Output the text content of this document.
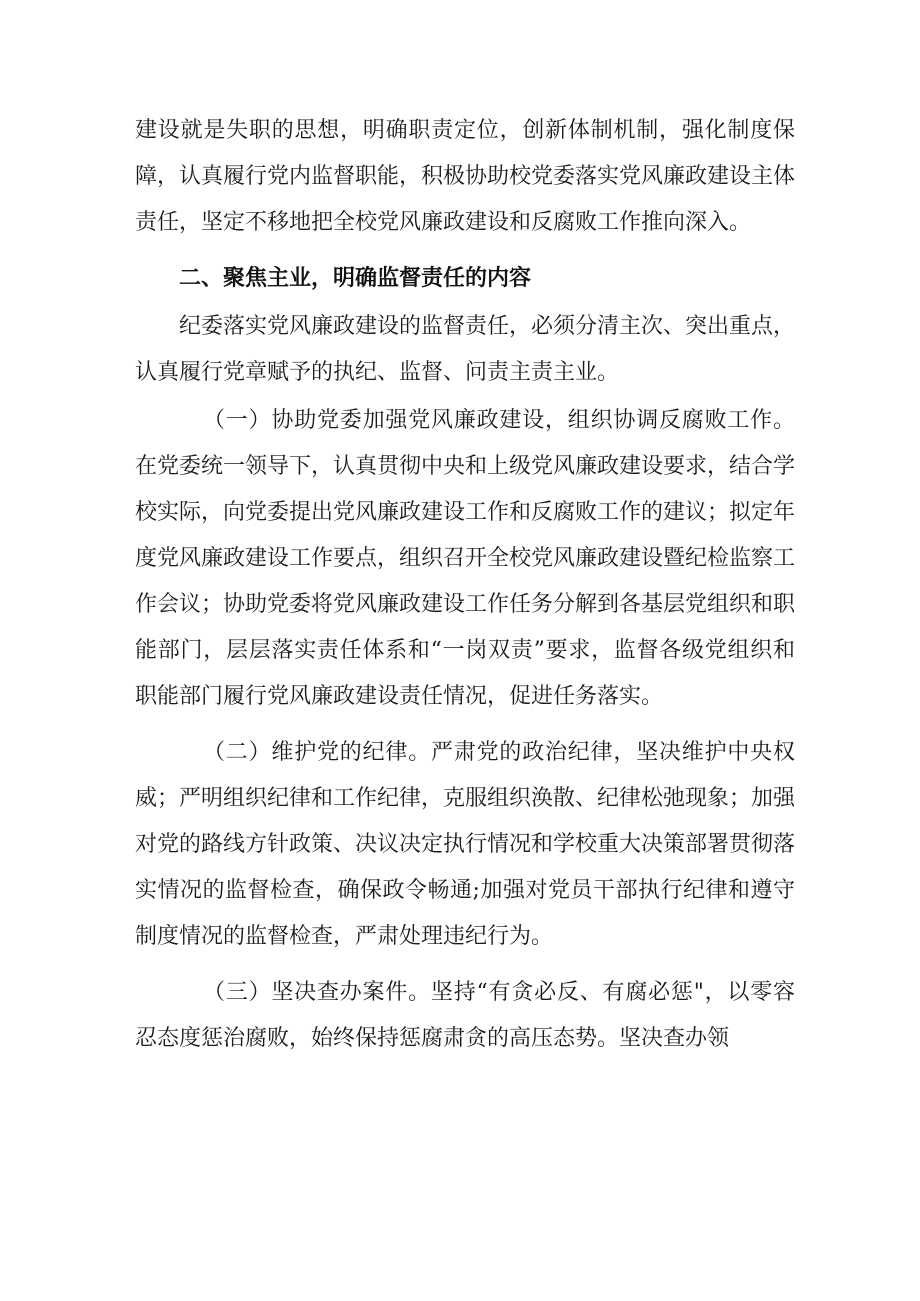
建设就是失职的思想，明确职责定位，创新体制机制，强化制度保障，认真履行党内监督职能，积极协助校党委落实党风廉政建设主体责任，坚定不移地把全校党风廉政建设和反腐败工作推向深入。

二、聚焦主业，明确监督责任的内容

纪委落实党风廉政建设的监督责任，必须分清主次、突出重点，认真履行党章赋予的执纪、监督、问责主责主业。

（一）协助党委加强党风廉政建设，组织协调反腐败工作。在党委统一领导下，认真贯彻中央和上级党风廉政建设要求，结合学校实际，向党委提出党风廉政建设工作和反腐败工作的建议；拟定年度党风廉政建设工作要点，组织召开全校党风廉政建设暨纪检监察工作会议；协助党委将党风廉政建设工作任务分解到各基层党组织和职能部门，层层落实责任体系和“一岗双责”要求，监督各级党组织和职能部门履行党风廉政建设责任情况，促进任务落实。

（二）维护党的纪律。严肃党的政治纪律，坚决维护中央权威；严明组织纪律和工作纪律，克服组织涣散、纪律松弛现象；加强对党的路线方针政策、决议决定执行情况和学校重大决策部署贯彻落实情况的监督检查，确保政令畅通;加强对党员干部执行纪律和遵守制度情况的监督检查，严肃处理违纪行为。

（三）坚决查办案件。坚持“有贪必反、有腐必惩"，以零容忍态度惩治腐败，始终保持惩腐肃贪的高压态势。坚决查办领
